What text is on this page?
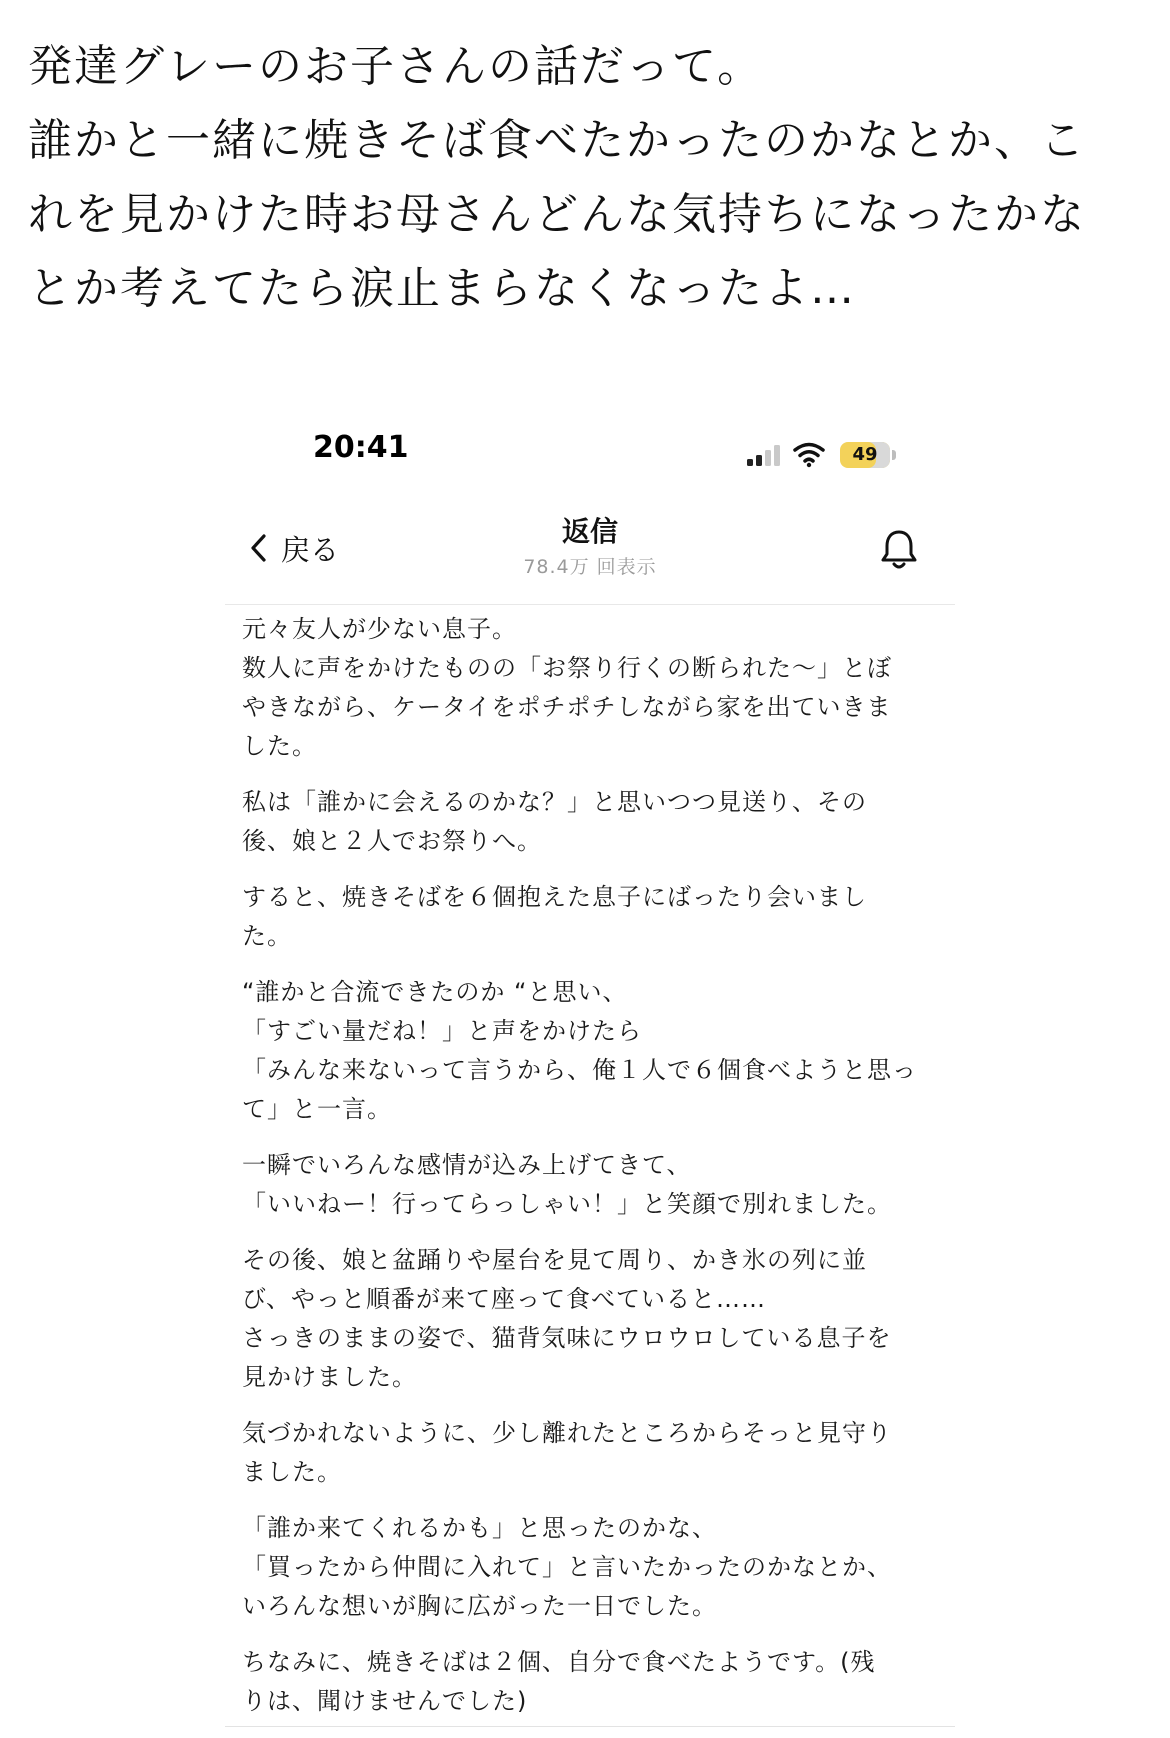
発達グレーのお子さんの話だって。
誰かと一緒に焼きそば食べたかったのかなとか、こ
れを見かけた時お母さんどんな気持ちになったかな
とか考えてたら涙止まらなくなったよ…
20:41	49
戻る
返信
78.4万 回表示
元々友人が少ない息子。
数人に声をかけたものの「お祭り行くの断られた〜」とぼ
やきながら、ケータイをポチポチしながら家を出ていきま
した。
私は「誰かに会えるのかな？」と思いつつ見送り、その
後、娘と２人でお祭りへ。
すると、焼きそばを６個抱えた息子にばったり会いまし
た。
“誰かと合流できたのか “と思い、
「すごい量だね！」と声をかけたら
「みんな来ないって言うから、俺１人で６個食べようと思っ
て」と一言。
一瞬でいろんな感情が込み上げてきて、
「いいねー！行ってらっしゃい！」と笑顔で別れました。
その後、娘と盆踊りや屋台を見て周り、かき氷の列に並
び、やっと順番が来て座って食べていると……
さっきのままの姿で、猫背気味にウロウロしている息子を
見かけました。
気づかれないように、少し離れたところからそっと見守り
ました。
「誰か来てくれるかも」と思ったのかな、
「買ったから仲間に入れて」と言いたかったのかなとか、
いろんな想いが胸に広がった一日でした。
ちなみに、焼きそばは２個、自分で食べたようです。(残
りは、聞けませんでした)
